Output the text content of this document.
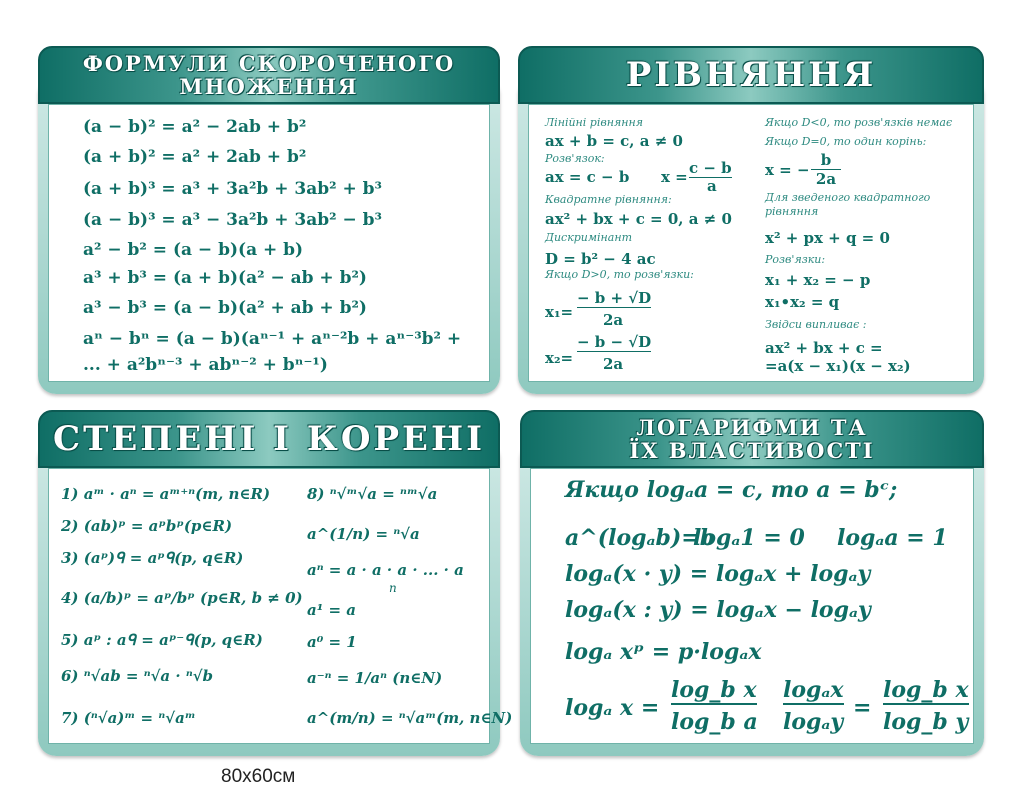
ФОРМУЛИ СКОРОЧЕНОГО
МНОЖЕННЯ
(a − b)² = a² − 2ab + b²
(a + b)² = a² + 2ab + b²
(a + b)³ = a³ + 3a²b + 3ab² + b³
(a − b)³ = a³ − 3a²b + 3ab² − b³
a² − b² = (a − b)(a + b)
a³ + b³ = (a + b)(a² − ab + b²)
a³ − b³ = (a − b)(a² + ab + b²)
aⁿ − bⁿ = (a − b)(aⁿ⁻¹ + aⁿ⁻²b + aⁿ⁻³b² +
... + a²bⁿ⁻³ + abⁿ⁻² + bⁿ⁻¹)
РІВНЯННЯ
Лінійні рівняння
ax + b = c, a ≠ 0
Розв'язок:
ax = c − b x = c − b
a
Квадратне рівняння:
ax² + bx + c = 0, a ≠ 0
Дискримінант
D = b² − 4 ac
Якщо D>0, то розв'язки:
x₁=
− b + √D
2a
x₂=
− b − √D
2a
Якщо D<0, то розв'язків немає
Якщо D=0, то один корінь:
x = −
b
2a
Для зведеного квадратного
рівняння
x² + px + q = 0
Розв'язки:
x₁ + x₂ = − p
x₁•x₂ = q
Звідси випливає :
ax² + bx + c =
=a(x − x₁)(x − x₂)
СТЕПЕНІ І КОРЕНІ
1) aᵐ · aⁿ = aᵐ⁺ⁿ(m, n∈R)
2) (ab)ᵖ = aᵖbᵖ(p∈R)
3) (aᵖ)ᑫ = aᵖᑫ(p, q∈R)
4) (a/b)ᵖ = aᵖ/bᵖ (p∈R, b ≠ 0)
5) aᵖ : aᑫ = aᵖ⁻ᑫ(p, q∈R)
6) ⁿ√ab = ⁿ√a · ⁿ√b
7) (ⁿ√a)ᵐ = ⁿ√aᵐ
8) ⁿ√ᵐ√a = ⁿᵐ√a
a^(1/n) = ⁿ√a
aⁿ = a · a · a · ... · a
n
a¹ = a
a⁰ = 1
a⁻ⁿ = 1/aⁿ (n∈N)
a^(m/n) = ⁿ√aᵐ(m, n∈N)
ЛОГАРИФМИ ТА
ЇХ ВЛАСТИВОСТІ
Якщо logₐa = c, то a = bᶜ;
a^(logₐb)=b
logₐ1 = 0 logₐa = 1
logₐ(x · y) = logₐx + logₐy
logₐ(x : y) = logₐx − logₐy
logₐ xᵖ = p·logₐx
logₐ x =
log_b x
log_b a
logₐx
logₐy
=
log_b x
log_b y
80х60см
